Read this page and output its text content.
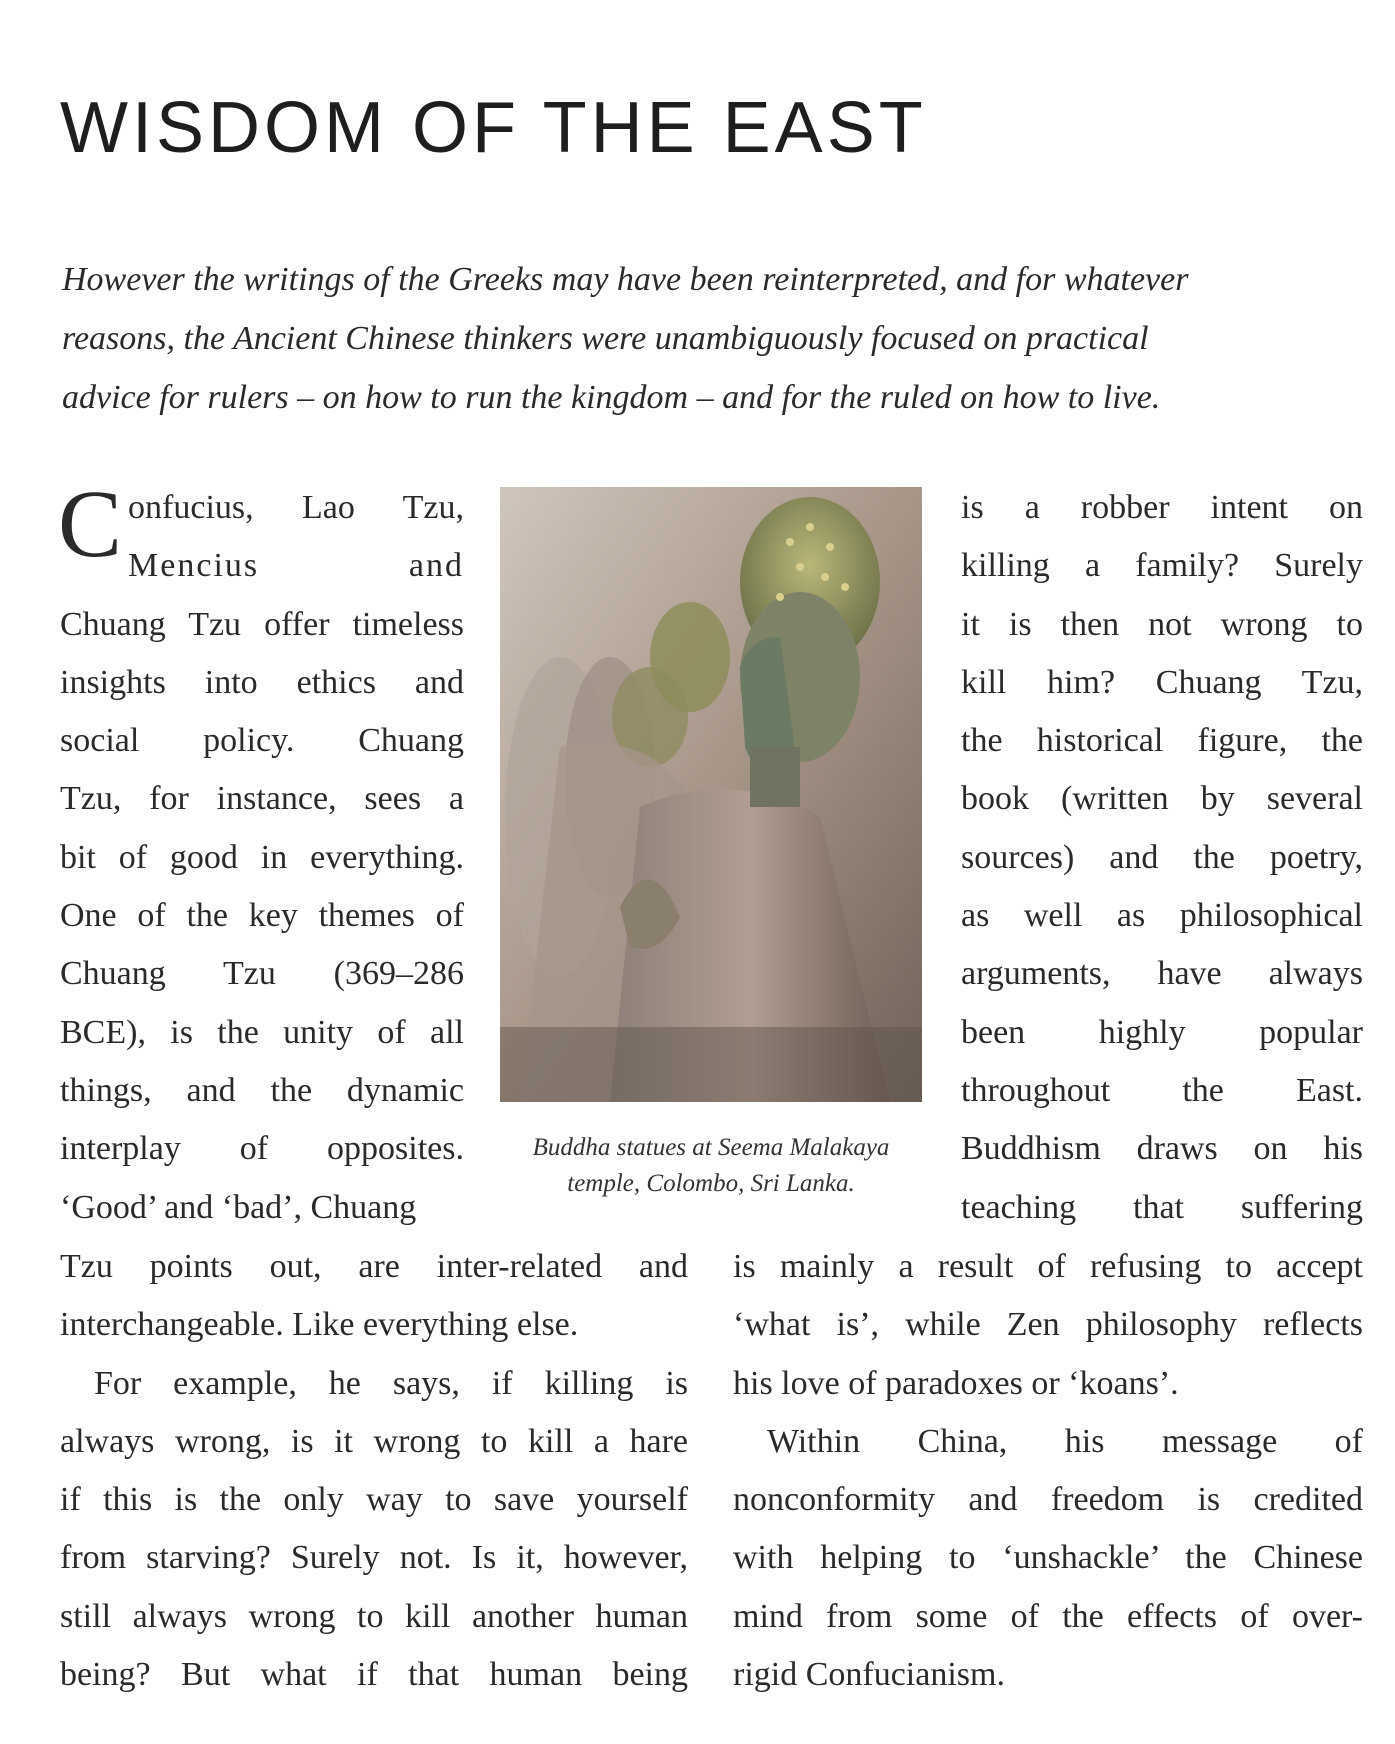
WISDOM OF THE EAST
However the writings of the Greeks may have been reinterpreted, and for whatever
reasons, the Ancient Chinese thinkers were unambiguously focused on practical
advice for rulers – on how to run the kingdom – and for the ruled on how to live.
C onfucius, Lao Tzu,
Mencius and
Chuang Tzu offer timeless
insights into ethics and
social policy. Chuang
Tzu, for instance, sees a
bit of good in everything.
One of the key themes of
Chuang Tzu (369–286
BCE), is the unity of all
things, and the dynamic
interplay of opposites.
‘Good’ and ‘bad’, Chuang
Buddha statues at Seema Malakaya
temple, Colombo, Sri Lanka.
is a robber intent on
killing a family? Surely
it is then not wrong to
kill him? Chuang Tzu,
the historical figure, the
book (written by several
sources) and the poetry,
as well as philosophical
arguments, have always
been highly popular
throughout the East.
Buddhism draws on his
teaching that suffering
Tzu points out, are inter-related and
interchangeable. Like everything else.
For example, he says, if killing is
always wrong, is it wrong to kill a hare
if this is the only way to save yourself
from starving? Surely not. Is it, however,
still always wrong to kill another human
being? But what if that human being
is mainly a result of refusing to accept
‘what is’, while Zen philosophy reflects
his love of paradoxes or ‘koans’.
Within China, his message of
nonconformity and freedom is credited
with helping to ‘unshackle’ the Chinese
mind from some of the effects of over-
rigid Confucianism.
